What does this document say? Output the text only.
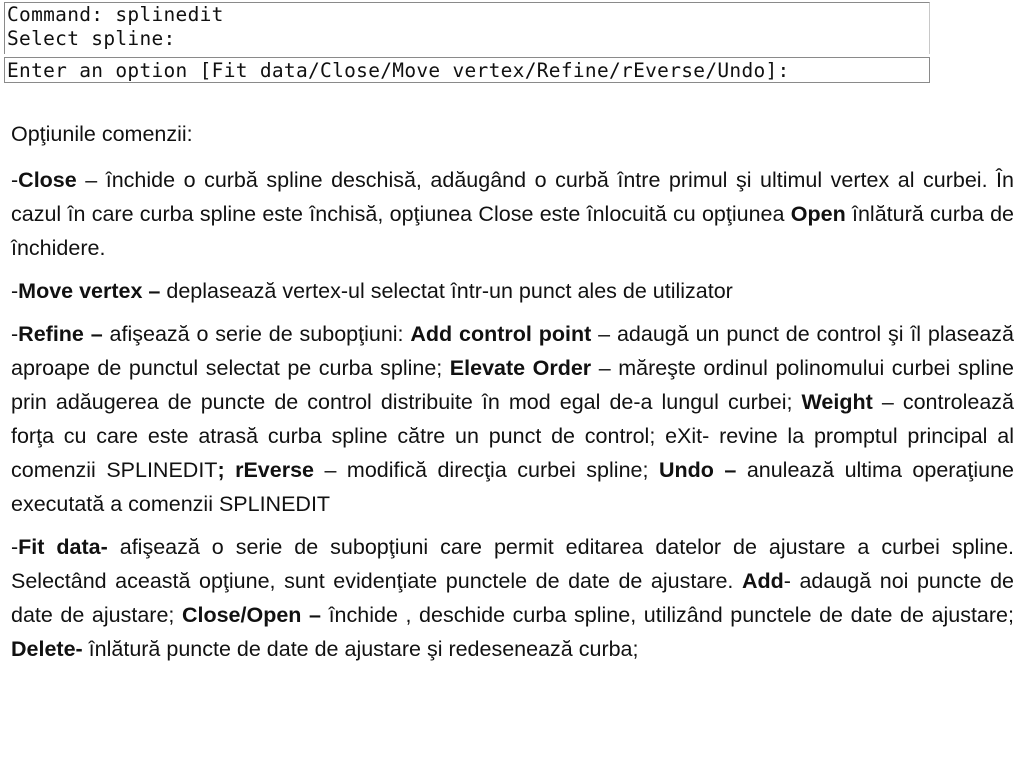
Command: splinedit
Select spline:
Enter an option [Fit data/Close/Move vertex/Refine/rEverse/Undo]:

Opţiunile comenzii:

-Close – închide o curbă spline deschisă, adăugând o curbă între primul şi ultimul vertex al curbei. În cazul în care curba spline este închisă, opţiunea Close este înlocuită cu opţiunea Open înlătură curba de închidere.

-Move vertex – deplasează vertex-ul selectat într-un punct ales de utilizator

-Refine – afişează o serie de subopţiuni: Add control point – adaugă un punct de control şi îl plasează aproape de punctul selectat pe curba spline; Elevate Order – măreşte ordinul polinomului curbei spline prin adăugerea de puncte de control distribuite în mod egal de-a lungul curbei; Weight – controlează forţa cu care este atrasă curba spline către un punct de control; eXit- revine la promptul principal al comenzii SPLINEDIT; rEverse – modifică direcţia curbei spline; Undo – anulează ultima operaţiune executată a comenzii SPLINEDIT

-Fit data- afişează o serie de subopţiuni care permit editarea datelor de ajustare a curbei spline. Selectând această opţiune, sunt evidenţiate punctele de date de ajustare. Add- adaugă noi puncte de date de ajustare; Close/Open – închide , deschide curba spline, utilizând punctele de date de ajustare; Delete- înlătură puncte de date de ajustare şi redesenează curba;
